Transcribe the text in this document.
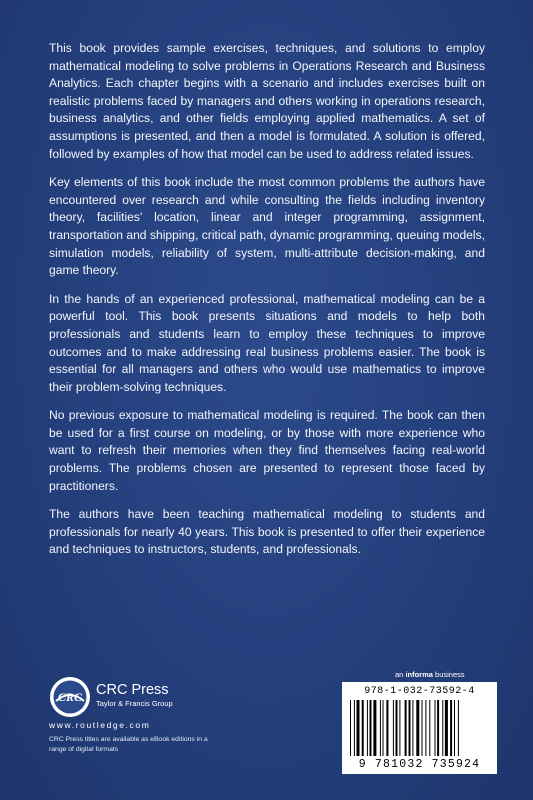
This book provides sample exercises, techniques, and solutions to employ mathematical modeling to solve problems in Operations Research and Business Analytics. Each chapter begins with a scenario and includes exercises built on realistic problems faced by managers and others working in operations research, business analytics, and other fields employing applied mathematics. A set of assumptions is presented, and then a model is formulated. A solution is offered, followed by examples of how that model can be used to address related issues.

Key elements of this book include the most common problems the authors have encountered over research and while consulting the fields including inventory theory, facilities' location, linear and integer programming, assignment, transportation and shipping, critical path, dynamic programming, queuing models, simulation models, reliability of system, multi-attribute decision-making, and game theory.

In the hands of an experienced professional, mathematical modeling can be a powerful tool. This book presents situations and models to help both professionals and students learn to employ these techniques to improve outcomes and to make addressing real business problems easier. The book is essential for all managers and others who would use mathematics to improve their problem-solving techniques.

No previous exposure to mathematical modeling is required. The book can then be used for a first course on modeling, or by those with more experience who want to refresh their memories when they find themselves facing real-world problems. The problems chosen are presented to represent those faced by practitioners.

The authors have been teaching mathematical modeling to students and professionals for nearly 40 years. This book is presented to offer their experience and techniques to instructors, students, and professionals.

an informa business
978-1-032-73592-4
9 781032 735924
CRC CRC Press
Taylor & Francis Group
www.routledge.com
CRC Press titles are available as eBook editions in a range of digital formats
